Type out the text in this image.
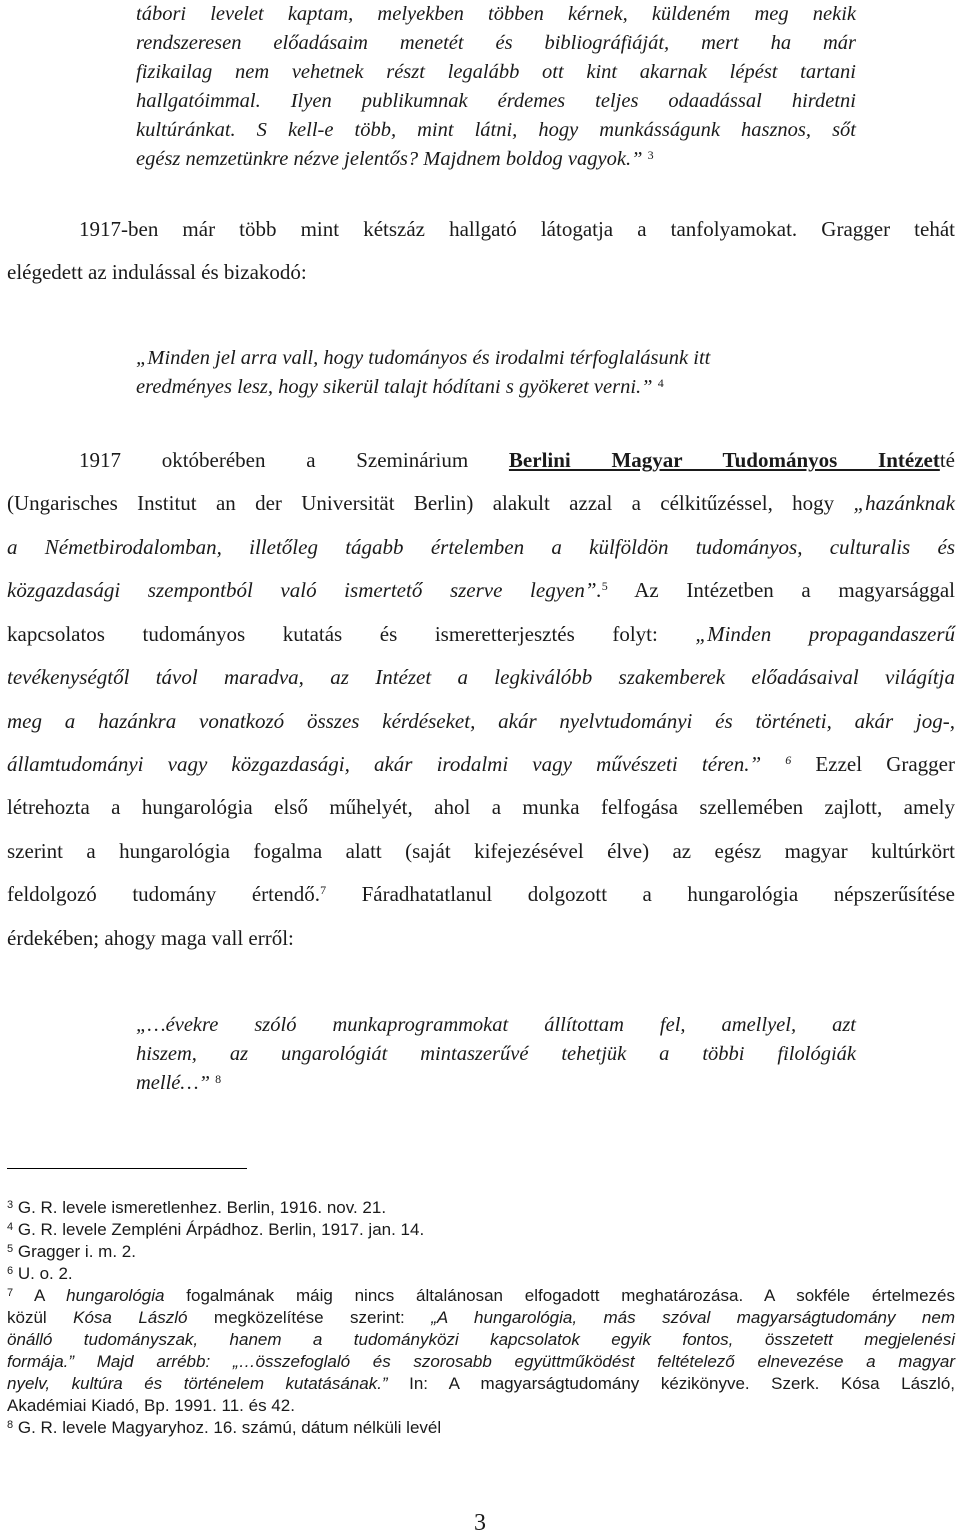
tábori levelet kaptam, melyekben többen kérnek, küldeném meg nekik
rendszeresen előadásaim menetét és bibliográfiáját, mert ha már
fizikailag nem vehetnek részt legalább ott kint akarnak lépést tartani
hallgatóimmal. Ilyen publikumnak érdemes teljes odaadással hirdetni
kultúránkat. S kell-e több, mint látni, hogy munkásságunk hasznos, sőt
egész nemzetünkre nézve jelentős? Majdnem boldog vagyok.” $^3$
1917-ben már több mint kétszáz hallgató látogatja a tanfolyamokat. Gragger tehát
elégedett az indulással és bizakodó:
„Minden jel arra vall, hogy tudományos és irodalmi térfoglalásunk itt
eredményes lesz, hogy sikerül talajt hódítani s gyökeret verni.” $^4$
1917 októberében a Szeminárium Berlini Magyar Tudományos Intézetté
(Ungarisches Institut an der Universität Berlin) alakult azzal a célkitűzéssel, hogy „hazánknak
a Németbirodalomban, illetőleg tágabb értelemben a külföldön tudományos, culturalis és
közgazdasági szempontból való ismertető szerve legyen”.$^5$ Az Intézetben a magyarsággal
kapcsolatos tudományos kutatás és ismeretterjesztés folyt: „Minden propagandaszerű
tevékenységtől távol maradva, az Intézet a legkiválóbb szakemberek előadásaival világítja
meg a hazánkra vonatkozó összes kérdéseket, akár nyelvtudományi és történeti, akár jog-,
államtudományi vagy közgazdasági, akár irodalmi vagy művészeti téren.” $^6$ Ezzel Gragger
létrehozta a hungarológia első műhelyét, ahol a munka felfogása szellemében zajlott, amely
szerint a hungarológia fogalma alatt (saját kifejezésével élve) az egész magyar kultúrkört
feldolgozó tudomány értendő.$^7$ Fáradhatatlanul dolgozott a hungarológia népszerűsítése
érdekében; ahogy maga vall erről:
„…évekre szóló munkaprogrammokat állítottam fel, amellyel, azt
hiszem, az ungarológiát mintaszerűvé tehetjük a többi filológiák
mellé…” $^8$
$^3$ G. R. levele ismeretlenhez. Berlin, 1916. nov. 21.
$^4$ G. R. levele Zempléni Árpádhoz. Berlin, 1917. jan. 14.
$^5$ Gragger i. m. 2.
$^6$ U. o. 2.
$^7$ A hungarológia fogalmának máig nincs általánosan elfogadott meghatározása. A sokféle értelmezés
közül Kósa László megközelítése szerint: „A hungarológia, más szóval magyarságtudomány nem
önálló tudományszak, hanem a tudományközi kapcsolatok egyik fontos, összetett megjelenési
formája.” Majd arrébb: „…összefoglaló és szorosabb együttműködést feltételező elnevezése a magyar
nyelv, kultúra és történelem kutatásának.” In: A magyarságtudomány kézikönyve. Szerk. Kósa László,
Akadémiai Kiadó, Bp. 1991. 11. és 42.
$^8$ G. R. levele Magyaryhoz. 16. számú, dátum nélküli levél
3
